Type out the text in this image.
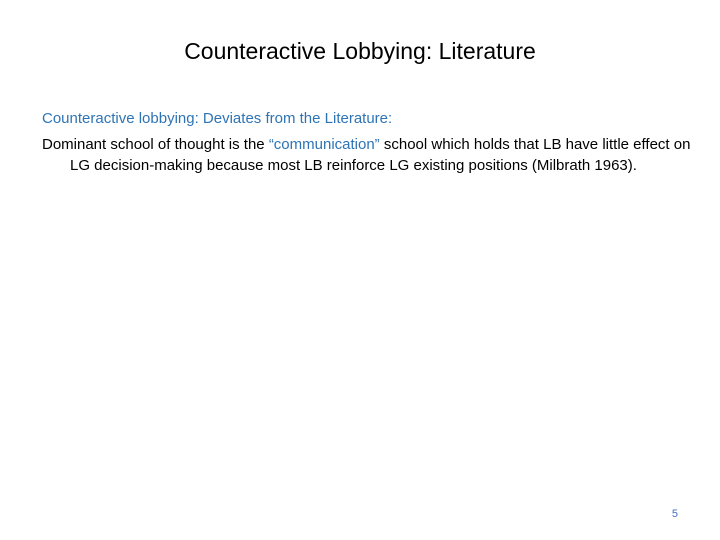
Counteractive Lobbying: Literature

Counteractive lobbying: Deviates from the Literature:

Dominant school of thought is the “communication” school which holds that LB have little effect on LG decision-making because most LB reinforce LG existing positions (Milbrath 1963).

5
